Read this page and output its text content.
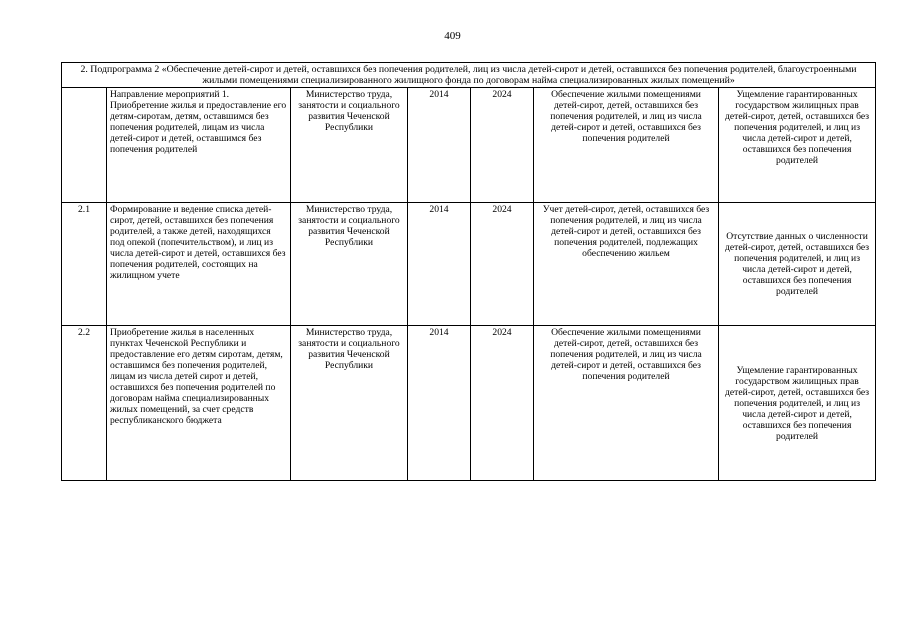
409
2. Подпрограмма 2 «Обеспечение детей-сирот и детей, оставшихся без попечения родителей, лиц из числа детей-сирот и детей, оставшихся без попечения родителей, благоустроенными жилыми помещениями специализированного жилищного фонда по договорам найма специализированных жилых помещений»						
	Направление мероприятий 1. Приобретение жилья и предоставление его детям-сиротам, детям, оставшимся без попечения родителей, лицам из числа детей-сирот и детей, оставшимся без попечения родителей	Министерство труда, занятости и социального развития Чеченской Республики	2014	2024	Обеспечение жилыми помещениями детей-сирот, детей, оставшихся без попечения родителей, и лиц из числа детей-сирот и детей, оставшихся без попечения родителей	Ущемление гарантированных государством жилищных прав детей-сирот, детей, оставшихся без попечения родителей, и лиц из числа детей-сирот и детей, оставшихся без попечения родителей
2.1	Формирование и ведение списка детей-сирот, детей, оставшихся без попечения родителей, а также детей, находящихся под опекой (попечительством), и лиц из числа детей-сирот и детей, оставшихся без попечения родителей, состоящих на жилищном учете	Министерство труда, занятости и социального развития Чеченской Республики	2014	2024	Учет детей-сирот, детей, оставшихся без попечения родителей, и лиц из числа детей-сирот и детей, оставшихся без попечения родителей, подлежащих обеспечению жильем	Отсутствие данных о численности детей-сирот, детей, оставшихся без попечения родителей, и лиц из числа детей-сирот и детей, оставшихся без попечения родителей
2.2	Приобретение жилья в населенных пунктах Чеченской Республики и предоставление его детям сиротам, детям, оставшимся без попечения родителей, лицам из числа детей сирот и детей, оставшихся без попечения родителей по договорам найма специализированных жилых помещений, за счет средств республиканского бюджета	Министерство труда, занятости и социального развития Чеченской Республики	2014	2024	Обеспечение жилыми помещениями детей-сирот, детей, оставшихся без попечения родителей, и лиц из числа детей-сирот и детей, оставшихся без попечения родителей	Ущемление гарантированных государством жилищных прав детей-сирот, детей, оставшихся без попечения родителей, и лиц из числа детей-сирот и детей, оставшихся без попечения родителей
